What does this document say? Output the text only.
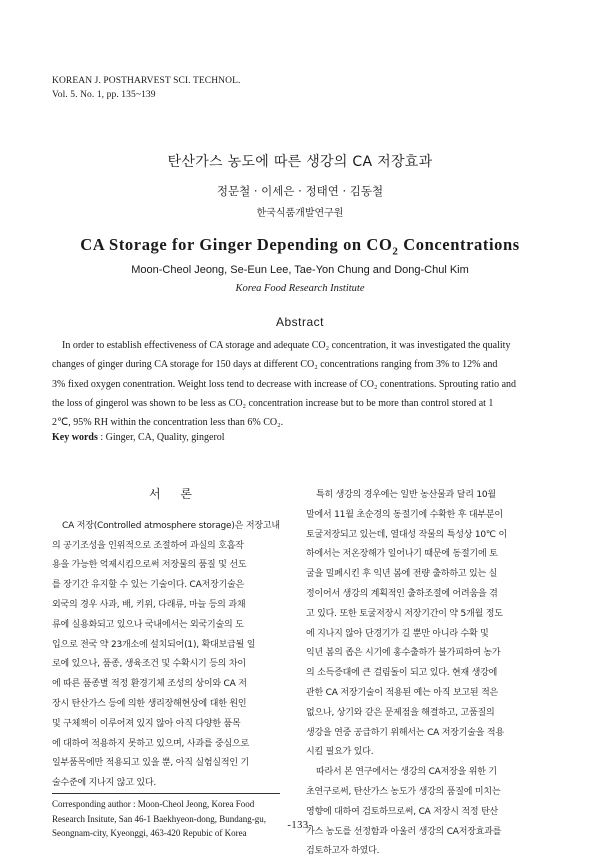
KOREAN J. POSTHARVEST SCI. TECHNOL.
Vol. 5. No. 1, pp. 135~139
탄산가스 농도에 따른 생강의 CA 저장효과
정문철 · 이세은 · 정태연 · 김동철
한국식품개발연구원
CA Storage for Ginger Depending on $CO_2$ Concentrations
Moon-Cheol Jeong, Se-Eun Lee, Tae-Yon Chung and Dong-Chul Kim
Korea Food Research Institute
Abstract
In order to establish effectiveness of CA storage and adequate CO₂ concentration, it was investigated the quality
changes of ginger during CA storage for 150 days at different CO₂ concentrations ranging from 3% to 12% and
3% fixed oxygen conentration. Weight loss tend to decrease with increase of CO₂ conentrations. Sprouting ratio and
the loss of gingerol was shown to be less as CO₂ concentration increase but to be more than control stored at 1
2℃, 95% RH within the concentration less than 6% CO₂.
Key words : Ginger, CA, Quality, gingerol
서 론
CA 저장(Controlled atmosphere storage)은 저장고내
의 공기조성을 인위적으로 조절하여 과실의 호흡작
용을 가능한 억제시킴으로써 저장물의 품질 및 선도
를 장기간 유지할 수 있는 기술이다. CA저장기술은
외국의 경우 사과, 배, 키위, 다래류, 마늘 등의 과채
류에 실용화되고 있으나 국내에서는 외국기술의 도
입으로 전국 약 23개소에 설치되어(1), 확대보급될 일
로에 있으나, 품종, 생육조건 및 수확시기 등의 차이
에 따른 품종별 적정 환경기체 조성의 상이와 CA 저
장시 탄산가스 등에 의한 생리장해현상에 대한 원인
및 구체책이 이루어져 있지 않아 아직 다양한 품목
에 대하여 적용하지 못하고 있으며, 사과를 중심으로
일부품목에만 적용되고 있을 뿐, 아직 실험실적인 기
술수준에 지나지 않고 있다.
특히 생강의 경우에는 일반 농산물과 달리 10월
말에서 11월 초순경의 동절기에 수확한 후 대부분이
토굴저장되고 있는데, 열대성 작물의 특성상 10℃ 이
하에서는 저온장해가 일어나기 때문에 동절기에 토
굴을 밀폐시킨 후 익년 봄에 전량 출하하고 있는 실
정이어서 생강의 계획적인 출하조절에 어려움을 겪
고 있다. 또한 토굴저장시 저장기간이 약 5개월 정도
에 지나지 않아 단경기가 길 뿐만 아니라 수확 및
익년 봄의 좁은 시기에 홍수출하가 불가피하여 농가
의 소득증대에 큰 걸림돌이 되고 있다. 현재 생강에
관한 CA 저장기술이 적용된 예는 아직 보고된 적은
없으나, 상기와 같은 문제점을 해결하고, 고품질의
생강을 연중 공급하기 위해서는 CA 저장기술을 적용
시킬 필요가 있다.
따라서 본 연구에서는 생강의 CA저장을 위한 기
초연구로써, 탄산가스 농도가 생강의 품질에 미치는
영향에 대하여 검토하므로써, CA 저장시 적정 탄산
가스 농도를 선정함과 아울러 생강의 CA저장효과를
검토하고자 하였다.
Corresponding author : Moon-Cheol Jeong, Korea Food
Research Insitute, San 46-1 Baekhyeon-dong, Bundang-gu,
Seongnam-city, Kyeonggi, 463-420 Repubic of Korea
-133-
